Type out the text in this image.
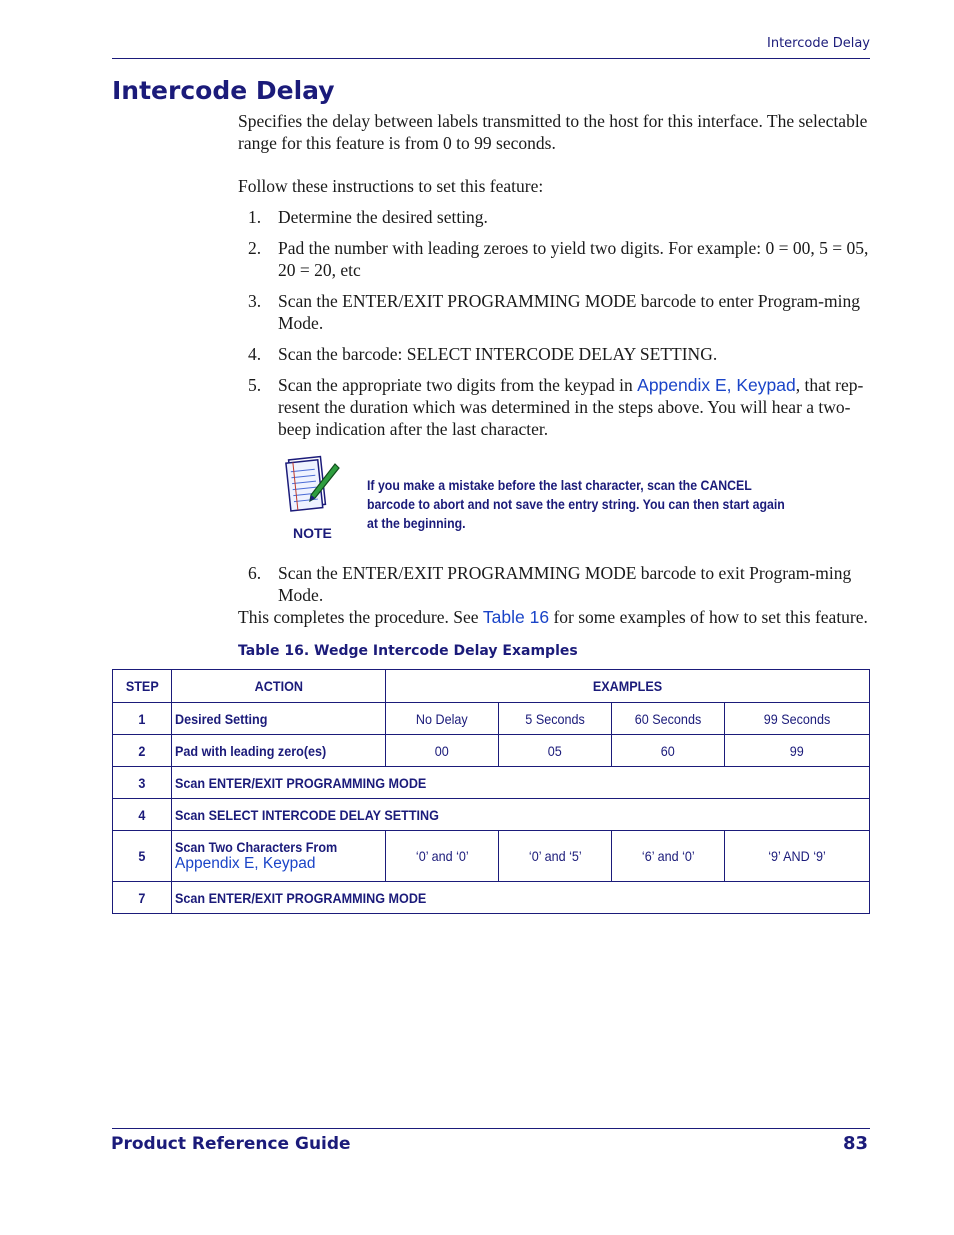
Intercode Delay
Intercode Delay

Specifies the delay between labels transmitted to the host for this interface. The selectable range for this feature is from 0 to 99 seconds.

Follow these instructions to set this feature:

1. Determine the desired setting.
2. Pad the number with leading zeroes to yield two digits. For example: 0 = 00, 5 = 05, 20 = 20, etc
3. Scan the ENTER/EXIT PROGRAMMING MODE barcode to enter Program-ming Mode.
4. Scan the barcode: SELECT INTERCODE DELAY SETTING.
5. Scan the appropriate two digits from the keypad in Appendix E, Keypad, that rep-resent the duration which was determined in the steps above. You will hear a two-beep indication after the last character.
If you make a mistake before the last character, scan the CANCEL barcode to abort and not save the entry string. You can then start again at the beginning.
NOTE
6. Scan the ENTER/EXIT PROGRAMMING MODE barcode to exit Program-ming Mode.

This completes the procedure. See Table 16 for some examples of how to set this feature.

Table 16. Wedge Intercode Delay Examples
STEP	ACTION	EXAMPLES			
1	Desired Setting	No Delay	5 Seconds	60 Seconds	99 Seconds
2	Pad with leading zero(es)	00	05	60	99
3	Scan ENTER/EXIT PROGRAMMING MODE				
4	Scan SELECT INTERCODE DELAY SETTING				
5	Scan Two Characters From
Appendix E, Keypad	‘0’ and ‘0’	‘0’ and ‘5’	‘6’ and ‘0’	‘9’ AND ‘9’
7	Scan ENTER/EXIT PROGRAMMING MODE				
Product Reference Guide	83
